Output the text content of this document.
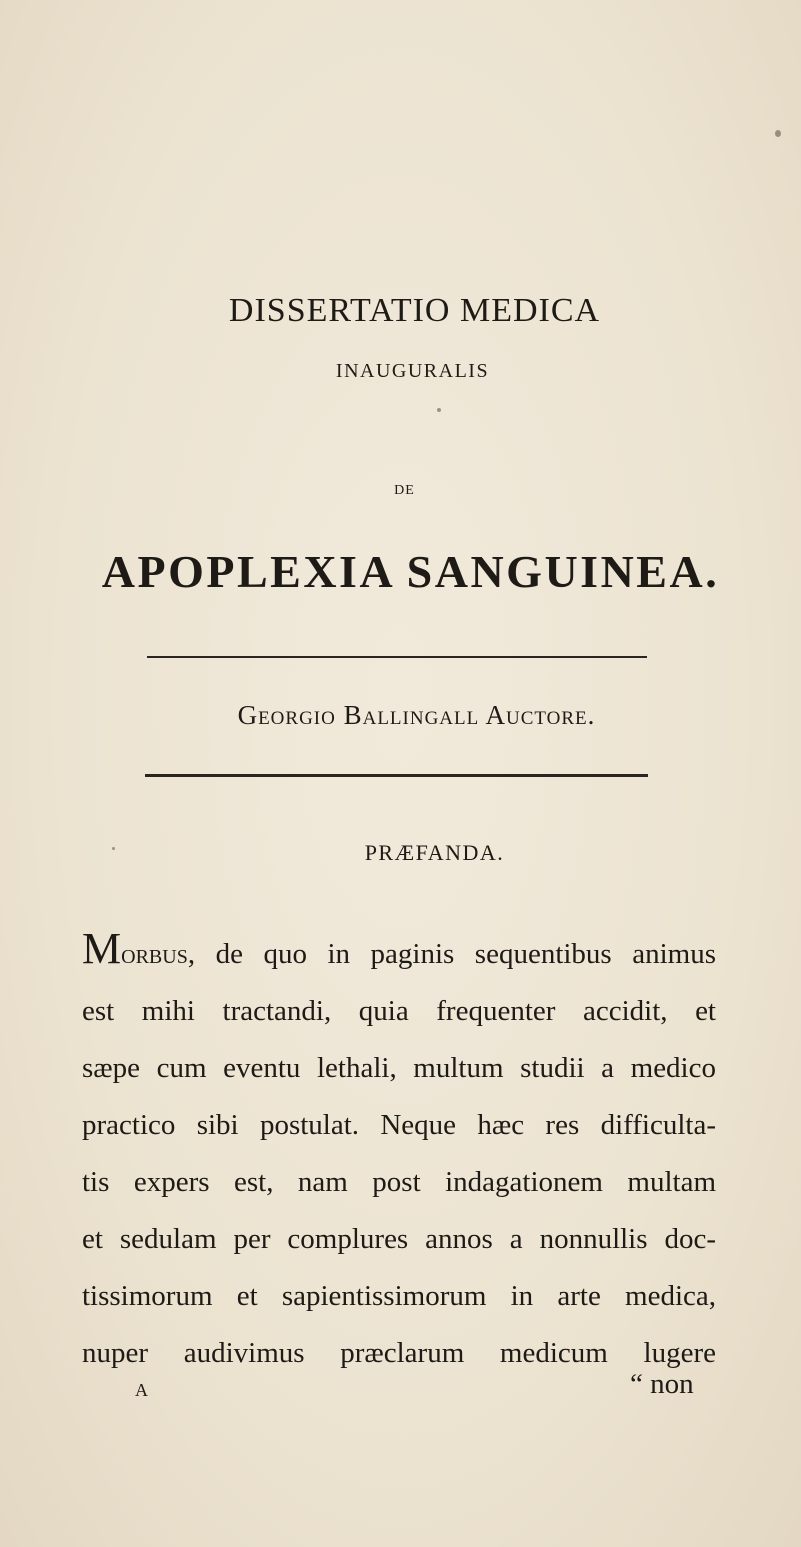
DISSERTATIO MEDICA
INAUGURALIS
DE
APOPLEXIA SANGUINEA.
Georgio Ballingall Auctore.
PRÆFANDA.
Morbus, de quo in paginis sequentibus animus
est mihi tractandi, quia frequenter accidit, et
sæpe cum eventu lethali, multum studii a medico
practico sibi postulat. Neque hæc res difficulta-
tis expers est, nam post indagationem multam
et sedulam per complures annos a nonnullis doc-
tissimorum et sapientissimorum in arte medica,
nuper audivimus præclarum medicum lugere
A	“ non
